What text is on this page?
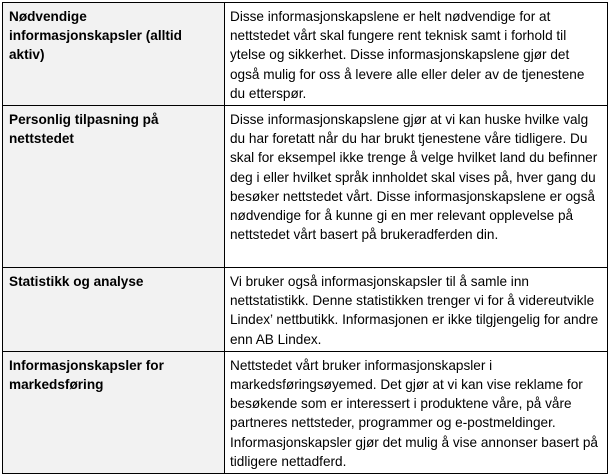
Nødvendige informasjonskapsler (alltid aktiv)	Disse informasjonskapslene er helt nødvendige for at nettstedet vårt skal fungere rent teknisk samt i forhold til ytelse og sikkerhet. Disse informasjonskapslene gjør det også mulig for oss å levere alle eller deler av de tjenestene du etterspør.
Personlig tilpasning på nettstedet	Disse informasjonskapslene gjør at vi kan huske hvilke valg du har foretatt når du har brukt tjenestene våre tidligere. Du skal for eksempel ikke trenge å velge hvilket land du befinner deg i eller hvilket språk innholdet skal vises på, hver gang du besøker nettstedet vårt. Disse informasjonskapslene er også nødvendige for å kunne gi en mer relevant opplevelse på nettstedet vårt basert på brukeradferden din.
Statistikk og analyse	Vi bruker også informasjonskapsler til å samle inn nettstatistikk. Denne statistikken trenger vi for å videreutvikle Lindex’ nettbutikk. Informasjonen er ikke tilgjengelig for andre enn AB Lindex.
Informasjonskapsler for markedsføring	Nettstedet vårt bruker informasjonskapsler i markedsføringsøyemed. Det gjør at vi kan vise reklame for besøkende som er interessert i produktene våre, på våre partneres nettsteder, programmer og e-postmeldinger. Informasjonskapsler gjør det mulig å vise annonser basert på tidligere nettadferd.
